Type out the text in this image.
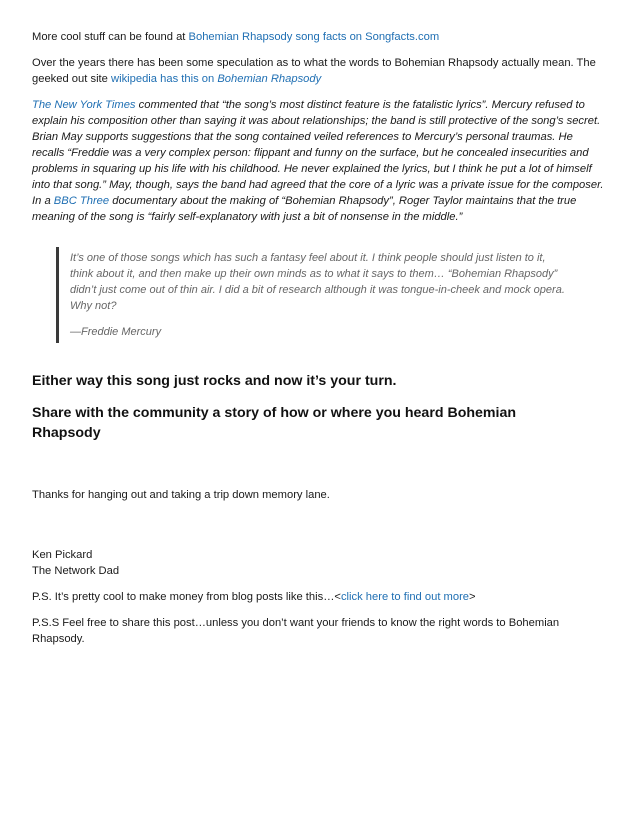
More cool stuff can be found at Bohemian Rhapsody song facts on Songfacts.com

Over the years there has been some speculation as to what the words to Bohemian Rhapsody actually mean. The geeked out site wikipedia has this on Bohemian Rhapsody

The New York Times commented that “the song’s most distinct feature is the fatalistic lyrics”. Mercury refused to explain his composition other than saying it was about relationships; the band is still protective of the song’s secret. Brian May supports suggestions that the song contained veiled references to Mercury’s personal traumas. He recalls “Freddie was a very complex person: flippant and funny on the surface, but he concealed insecurities and problems in squaring up his life with his childhood. He never explained the lyrics, but I think he put a lot of himself into that song.” May, though, says the band had agreed that the core of a lyric was a private issue for the composer. In a BBC Three documentary about the making of “Bohemian Rhapsody”, Roger Taylor maintains that the true meaning of the song is “fairly self-explanatory with just a bit of nonsense in the middle.”

It’s one of those songs which has such a fantasy feel about it. I think people should just listen to it, think about it, and then make up their own minds as to what it says to them… “Bohemian Rhapsody” didn’t just come out of thin air. I did a bit of research although it was tongue-in-cheek and mock opera. Why not?

—Freddie Mercury

Either way this song just rocks and now it’s your turn.
Share with the community a story of how or where you heard Bohemian Rhapsody

Thanks for hanging out and taking a trip down memory lane.

Ken Pickard
The Network Dad

P.S. It’s pretty cool to make money from blog posts like this…<click here to find out more>

P.S.S Feel free to share this post…unless you don’t want your friends to know the right words to Bohemian Rhapsody.
